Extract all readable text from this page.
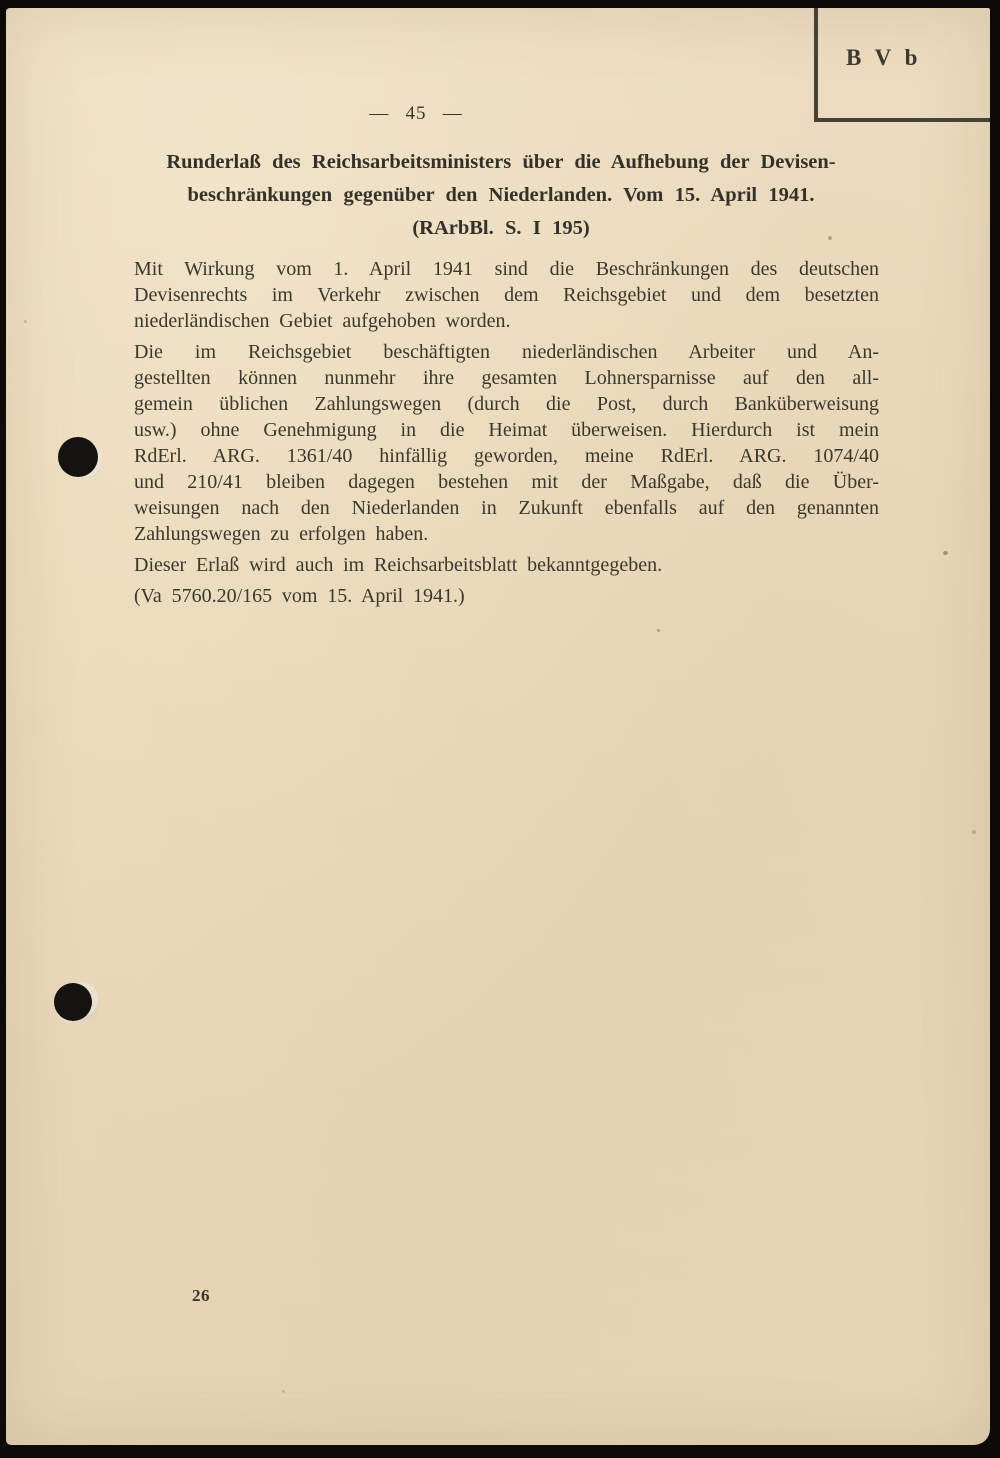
B V b
— 45 —
Runderlaß des Reichsarbeitsministers über die Aufhebung der Devisen-
beschränkungen gegenüber den Niederlanden. Vom 15. April 1941.
(RArbBl. S. I 195)
Mit Wirkung vom 1. April 1941 sind die Beschränkungen des deutschen
Devisenrechts im Verkehr zwischen dem Reichsgebiet und dem besetzten
niederländischen Gebiet aufgehoben worden.
Die im Reichsgebiet beschäftigten niederländischen Arbeiter und An-
gestellten können nunmehr ihre gesamten Lohnersparnisse auf den all-
gemein üblichen Zahlungswegen (durch die Post, durch Banküberweisung
usw.) ohne Genehmigung in die Heimat überweisen. Hierdurch ist mein
RdErl. ARG. 1361/40 hinfällig geworden, meine RdErl. ARG. 1074/40
und 210/41 bleiben dagegen bestehen mit der Maßgabe, daß die Über-
weisungen nach den Niederlanden in Zukunft ebenfalls auf den genannten
Zahlungswegen zu erfolgen haben.
Dieser Erlaß wird auch im Reichsarbeitsblatt bekanntgegeben.
(Va 5760.20/165 vom 15. April 1941.)
26
